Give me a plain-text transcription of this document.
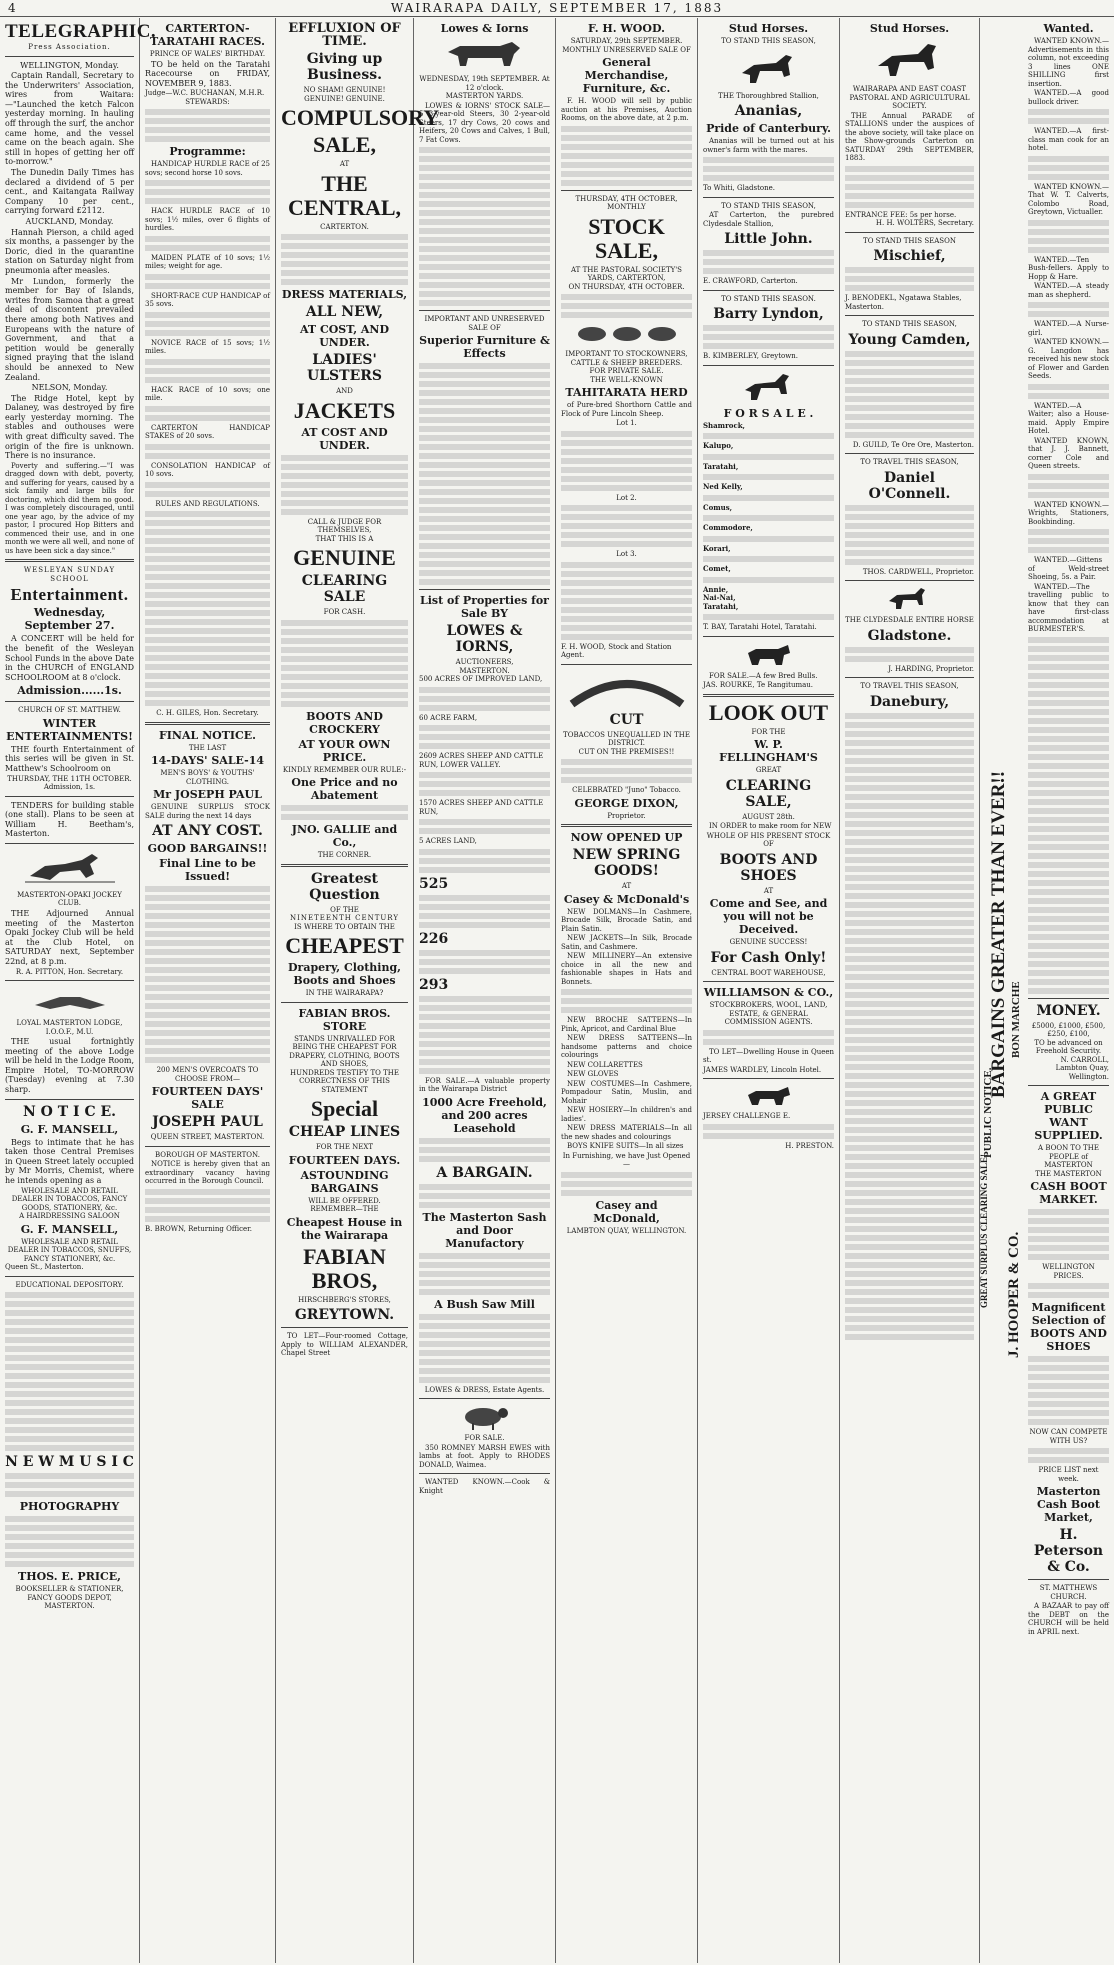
4	WAIRARAPA DAILY, SEPTEMBER 17, 1883
TELEGRAPHIC.
Press Association.
WELLINGTON, Monday.

Captain Randall, Secretary to the Underwriters' Association, wires from Waitara:—"Launched the ketch Falcon yesterday morning. In hauling off through the surf, the anchor came home, and the vessel came on the beach again. She still in hopes of getting her off to-morrow."

The Dunedin Daily Times has declared a dividend of 5 per cent., and Kaitangata Railway Company 10 per cent., carrying forward £2112.

AUCKLAND, Monday.

Hannah Pierson, a child aged six months, a passenger by the Doric, died in the quarantine station on Saturday night from pneumonia after measles.

Mr Lundon, formerly the member for Bay of Islands, writes from Samoa that a great deal of discontent prevailed there among both Natives and Europeans with the nature of Government, and that a petition would be generally signed praying that the island should be annexed to New Zealand.

NELSON, Monday.

The Ridge Hotel, kept by Dalaney, was destroyed by fire early yesterday morning. The stables and outhouses were with great difficulty saved. The origin of the fire is unknown. There is no insurance.

Poverty and suffering.—"I was dragged down with debt, poverty, and suffering for years, caused by a sick family and large bills for doctoring, which did them no good. I was completely discouraged, until one year ago, by the advice of my pastor, I procured Hop Bitters and commenced their use, and in one month we were all well, and none of us have been sick a day since."

WESLEYAN SUNDAY SCHOOL
Entertainment.
Wednesday, September 27.

A CONCERT will be held for the benefit of the Wesleyan School Funds in the above Date in the CHURCH of ENGLAND SCHOOLROOM at 8 o'clock.

Admission......1s.
CHURCH OF ST. MATTHEW.
WINTER ENTERTAINMENTS!

THE fourth Entertainment of this series will be given in St. Matthew's Schoolroom on

THURSDAY, THE 11TH OCTOBER.
Admission, 1s.

TENDERS for building stable (one stall). Plans to be seen at William H. Beetham's, Masterton.

MASTERTON-OPAKI JOCKEY CLUB.

THE Adjourned Annual meeting of the Masterton Opaki Jockey Club will be held at the Club Hotel, on SATURDAY next, September 22nd, at 8 p.m.

R. A. PITTON, Hon. Secretary.
LOYAL MASTERTON LODGE, I.O.O.F., M.U.

THE usual fortnightly meeting of the above Lodge will be held in the Lodge Room, Empire Hotel, TO-MORROW (Tuesday) evening at 7.30 sharp.

N O T I C E.
G. F. MANSELL,

Begs to intimate that he has taken those Central Premises in Queen Street lately occupied by Mr Morris, Chemist, where he intends opening as a

WHOLESALE AND RETAIL DEALER IN TOBACCOS, FANCY GOODS, STATIONERY, &c.
A HAIRDRESSING SALOON
G. F. MANSELL,
WHOLESALE AND RETAIL DEALER IN TOBACCOS, SNUFFS, FANCY STATIONERY, &c.
Queen St., Masterton.
EDUCATIONAL DEPOSITORY.
N E W M U S I C
PHOTOGRAPHY
THOS. E. PRICE,
BOOKSELLER & STATIONER, FANCY GOODS DEPOT, MASTERTON.
CARTERTON-TARATAHI RACES.
PRINCE OF WALES' BIRTHDAY.

TO be held on the Taratahi Racecourse on FRIDAY, NOVEMBER 9, 1883.

Judge—W.C. BUCHANAN, M.H.R.
STEWARDS:
Programme:

HANDICAP HURDLE RACE of 25 sovs; second horse 10 sovs.

HACK HURDLE RACE of 10 sovs; 1½ miles, over 6 flights of hurdles.

MAIDEN PLATE of 10 sovs; 1½ miles; weight for age.

SHORT-RACE CUP HANDICAP of 35 sovs.

NOVICE RACE of 15 sovs; 1½ miles.

HACK RACE of 10 sovs; one mile.

CARTERTON HANDICAP STAKES of 20 sovs.

CONSOLATION HANDICAP of 10 sovs.

RULES AND REGULATIONS.
C. H. GILES, Hon. Secretary.
FINAL NOTICE.
THE LAST
14-DAYS' SALE-14
MEN'S BOYS' & YOUTHS' CLOTHING.
Mr JOSEPH PAUL

GENUINE SURPLUS STOCK SALE during the next 14 days

AT ANY COST.
GOOD BARGAINS!!
Final Line to be Issued!
200 MEN'S OVERCOATS TO CHOOSE FROM—
FOURTEEN DAYS' SALE
JOSEPH PAUL
QUEEN STREET, MASTERTON.
BOROUGH OF MASTERTON.

NOTICE is hereby given that an extraordinary vacancy having occurred in the Borough Council.

B. BROWN, Returning Officer.
EFFLUXION OF TIME.
Giving up Business.
NO SHAM! GENUINE!
GENUINE! GENUINE.
COMPULSORY
SALE,
AT
THE CENTRAL,
CARTERTON.
DRESS MATERIALS,
ALL NEW,
AT COST, AND UNDER.
LADIES' ULSTERS
AND
JACKETS
AT COST AND UNDER.
CALL & JUDGE FOR THEMSELVES,
THAT THIS IS A
GENUINE
CLEARING SALE
FOR CASH.
BOOTS AND CROCKERY
AT YOUR OWN PRICE.
KINDLY REMEMBER OUR RULE:-
One Price and no Abatement
JNO. GALLIE and Co.,
THE CORNER.
Greatest Question
OF THE
NINETEENTH CENTURY
IS WHERE TO OBTAIN THE
CHEAPEST
Drapery, Clothing, Boots and Shoes
IN THE WAIRARAPA?
FABIAN BROS. STORE
STANDS UNRIVALLED FOR BEING THE CHEAPEST FOR
DRAPERY, CLOTHING, BOOTS AND SHOES,
HUNDREDS TESTIFY TO THE CORRECTNESS OF THIS STATEMENT
Special
CHEAP LINES
FOR THE NEXT
FOURTEEN DAYS.
ASTOUNDING BARGAINS
WILL BE OFFERED.
REMEMBER—THE
Cheapest House in the Wairarapa
FABIAN BROS,
HIRSCHBERG'S STORES,
GREYTOWN.

TO LET—Four-roomed Cottage, Apply to WILLIAM ALEXANDER, Chapel Street

Lowes & Iorns
WEDNESDAY, 19th SEPTEMBER. At 12 o'clock.
MASTERTON YARDS.

LOWES & IORNS' STOCK SALE— 5 3-year-old Steers, 30 2-year-old Steers, 17 dry Cows, 20 cows and Heifers, 20 Cows and Calves, 1 Bull, 7 Fat Cows.

IMPORTANT AND UNRESERVED SALE OF
Superior Furniture & Effects
List of Properties for Sale BY
LOWES & IORNS,
AUCTIONEERS,
MASTERTON.
500 ACRES OF IMPROVED LAND,
60 ACRE FARM,
2609 ACRES SHEEP AND CATTLE RUN, LOWER VALLEY.
1570 ACRES SHEEP AND CATTLE RUN,
5 ACRES LAND,
525
226
293

FOR SALE.—A valuable property in the Wairarapa District

1000 Acre Freehold, and 200 acres Leasehold
A BARGAIN.
The Masterton Sash and Door Manufactory
A Bush Saw Mill
LOWES & DRESS, Estate Agents.
FOR SALE.

350 ROMNEY MARSH EWES with lambs at foot. Apply to RHODES DONALD, Waimea.

WANTED KNOWN.—Cook & Knight

F. H. WOOD.
SATURDAY, 29th SEPTEMBER.
MONTHLY UNRESERVED SALE OF
General Merchandise, Furniture, &c.

F. H. WOOD will sell by public auction at his Premises, Auction Rooms, on the above date, at 2 p.m.

THURSDAY, 4TH OCTOBER,
MONTHLY
STOCK SALE,
AT THE PASTORAL SOCIETY'S YARDS, CARTERTON,
ON THURSDAY, 4TH OCTOBER.
IMPORTANT TO STOCKOWNERS, CATTLE & SHEEP BREEDERS.
FOR PRIVATE SALE.
THE WELL-KNOWN
TAHITARATA HERD

of Pure-bred Shorthorn Cattle and Flock of Pure Lincoln Sheep.

Lot 1.
Lot 2.
Lot 3.
F. H. WOOD, Stock and Station Agent.
CUT
TOBACCOS UNEQUALLED IN THE DISTRICT.
CUT ON THE PREMISES!!
CELEBRATED "Juno" Tobacco.
GEORGE DIXON,
Proprietor.
NOW OPENED UP
NEW SPRING GOODS!
AT
Casey & McDonald's

NEW DOLMANS—In Cashmere, Brocade Silk, Brocade Satin, and Plain Satin.

NEW JACKETS—In Silk, Brocade Satin, and Cashmere.

NEW MILLINERY—An extensive choice in all the new and fashionable shapes in Hats and Bonnets.

NEW BROCHE SATTEENS—In Pink, Apricot, and Cardinal Blue

NEW DRESS SATTEENS—In handsome patterns and choice colourings

NEW COLLARETTES

NEW GLOVES

NEW COSTUMES—In Cashmere, Pompadour Satin, Muslin, and Mohair

NEW HOSIERY—In children's and ladies'.

NEW DRESS MATERIALS—In all the new shades and colourings

BOYS KNIFE SUITS—In all sizes

In Furnishing, we have Just Opened—
Casey and McDonald,
LAMBTON QUAY, WELLINGTON.
Stud Horses.
TO STAND THIS SEASON,
THE Thoroughbred Stallion,
Ananias,
Pride of Canterbury.

Ananias will be turned out at his owner's farm with the mares.

To Whiti, Gladstone.
TO STAND THIS SEASON,

AT Carterton, the purebred Clydesdale Stallion,

Little John.
E. CRAWFORD, Carterton.
TO STAND THIS SEASON.
Barry Lyndon,
B. KIMBERLEY, Greytown.
F O R S A L E .
Shamrock,
Kalupo,
Taratahi,
Ned Kelly,
Comus,
Commodore,
Korari,
Comet,
Annie,
Nai-Nai,
Taratahi,
T. BAY, Taratahi Hotel, Taratahi.

FOR SALE.—A few Bred Bulls.

JAS. ROURKE, Te Rangitumau.
LOOK OUT
FOR THE
W. P. FELLINGHAM'S
GREAT
CLEARING SALE,
AUGUST 28th.

IN ORDER to make room for NEW

WHOLE OF HIS PRESENT STOCK OF
BOOTS AND SHOES
AT
Come and See, and you will not be Deceived.
GENUINE SUCCESS!
For Cash Only!
CENTRAL BOOT WAREHOUSE,
WILLIAMSON & CO.,
STOCKBROKERS, WOOL, LAND, ESTATE, & GENERAL COMMISSION AGENTS.

TO LET—Dwelling House in Queen st.

JAMES WARDLEY, Lincoln Hotel.
JERSEY CHALLENGE E.
H. PRESTON.
Stud Horses.
WAIRARAPA AND EAST COAST PASTORAL AND AGRICULTURAL SOCIETY.

THE Annual PARADE of STALLIONS under the auspices of the above society, will take place on the Show-grounds Carterton on SATURDAY 29th SEPTEMBER, 1883.

ENTRANCE FEE: 5s per horse.
H. H. WOLTERS, Secretary.
TO STAND THIS SEASON
Mischief,
J. BENODEKL, Ngatawa Stables, Masterton.
TO STAND THIS SEASON,
Young Camden,
D. GUILD, Te Ore Ore, Masterton.
TO TRAVEL THIS SEASON,
Daniel O'Connell.
THOS. CARDWELL, Proprietor.
THE CLYDESDALE ENTIRE HORSE
Gladstone.
J. HARDING, Proprietor.
TO TRAVEL THIS SEASON,
Danebury,
PUBLIC NOTICE.
BARGAINS GREATER THAN EVER!! BON MARCHE
GREAT SURPLUS CLEARING SALE! J. HOOPER & CO.
Wanted.

WANTED KNOWN.—Advertisements in this column, not exceeding 3 lines ONE SHILLING first insertion.

WANTED.—A good bullock driver.

WANTED.—A first-class man cook for an hotel.

WANTED KNOWN.—That W. T. Calverts, Colombo Road, Greytown, Victualler.

WANTED.—Ten Bush-fellers. Apply to Hopp & Hare.

WANTED.—A steady man as shepherd.

WANTED.—A Nurse-girl.

WANTED KNOWN.—G. Langdon has received his new stock of Flower and Garden Seeds.

WANTED.—A Waiter; also a House-maid. Apply Empire Hotel.

WANTED KNOWN, that J. J. Bannett, corner Cole and Queen streets.

WANTED KNOWN.—Wrights, Stationers, Bookbinding.

WANTED.—Gittens of Weld-street Shoeing, 5s. a Pair.

WANTED.—The travelling public to know that they can have first-class accommodation at BURMESTER'S.

MONEY.
£5000, £1000, £500, £250, £100,
TO be advanced on Freehold Security.
N. CARROLL, Lambton Quay, Wellington.
A GREAT PUBLIC WANT SUPPLIED.
A BOON TO THE PEOPLE of MASTERTON
THE MASTERTON
CASH BOOT MARKET.
WELLINGTON PRICES.
Magnificent Selection of BOOTS AND SHOES
NOW CAN COMPETE WITH US?
PRICE LIST next week.
Masterton Cash Boot Market,
H. Peterson & Co.
ST. MATTHEWS CHURCH.

A BAZAAR to pay off the DEBT on the CHURCH will be held in APRIL next.
